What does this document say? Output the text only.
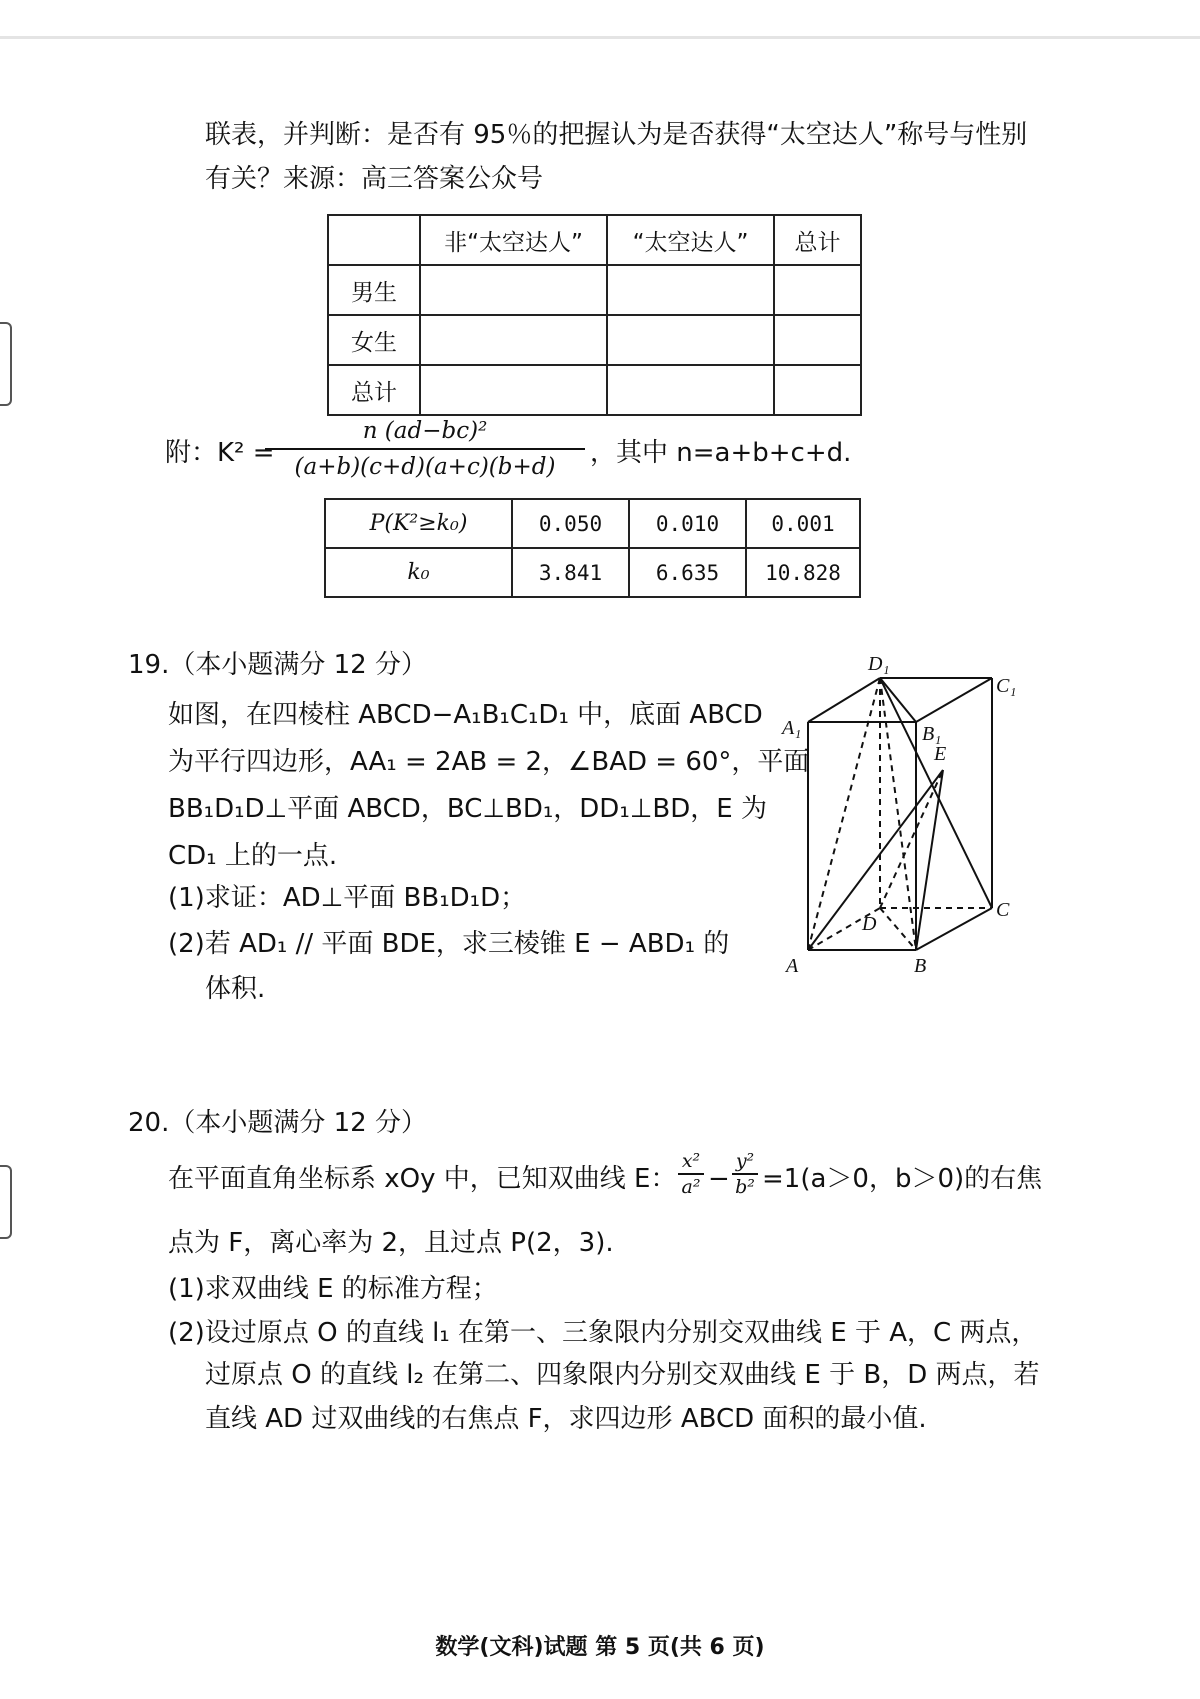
联表，并判断：是否有 95％的把握认为是否获得“太空达人”称号与性别
有关？来源：高三答案公众号
	非“太空达人”	“太空达人”	总计
男生			
女生			
总计			
附：K² =
n (ad−bc)²
(a+b)(c+d)(a+c)(b+d)	，其中 n=a+b+c+d.
P(K²≥k₀)	0.050	0.010	0.001
k₀	3.841	6.635	10.828
19.（本小题满分 12 分）
如图，在四棱柱 ABCD−A₁B₁C₁D₁ 中，底面 ABCD
为平行四边形，AA₁ = 2AB = 2，∠BAD = 60°，平面
BB₁D₁D⊥平面 ABCD，BC⊥BD₁，DD₁⊥BD，E 为
CD₁ 上的一点.
(1)求证：AD⊥平面 BB₁D₁D；
(2)若 AD₁ // 平面 BDE，求三棱锥 E − ABD₁ 的
体积.
A	B
C
D
A₁	B₁
C₁
D₁
E
20.（本小题满分 12 分）
在平面直角坐标系 xOy 中，已知双曲线 E：
x²
a² −
y²
b² =1(a＞0，b＞0)的右焦
点为 F，离心率为 2，且过点 P(2，3).
(1)求双曲线 E 的标准方程；
(2)设过原点 O 的直线 l₁ 在第一、三象限内分别交双曲线 E 于 A，C 两点，
过原点 O 的直线 l₂ 在第二、四象限内分别交双曲线 E 于 B，D 两点，若
直线 AD 过双曲线的右焦点 F，求四边形 ABCD 面积的最小值.
数学(文科)试题 第 5 页(共 6 页)
